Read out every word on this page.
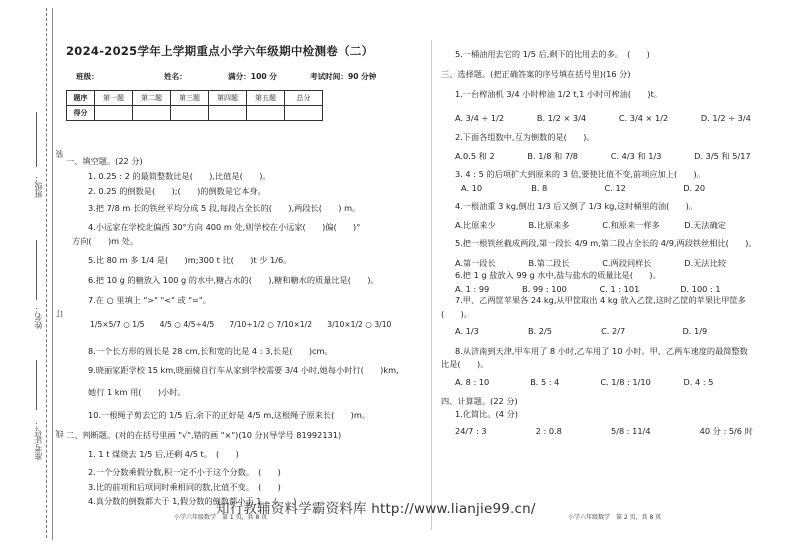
班级：
姓名：
准考证号：
装
订
线
2024-2025学年上学期重点小学六年级期中检测卷（二）
班级：	姓名：	满分：100 分	考试时间：90 分钟
题序	第一题	第二题	第三题	第四题	第五题	总分
得分						
一、填空题。(22 分)
1. 0.25 : 2 的最简整数比是(　　),比值是(　　)。
2. 0.25 的倒数是(　　);(　　)的倒数是它本身。
3.把 7/8 m 长的铁丝平均分成 5 段,每段占全长的(　　),两段长(　　) m。
4.小远家在学校北偏西 30°方向 400 m 处,则学校在小远家(　　)偏(　　)°
方向(　　)m 处。
5.比 80 m 多 1/4 是(　　)m;300 t 比(　　)t 少 1/6。
6.把 10 g 的糖放入 100 g 的水中,糖占水的(　　),糖和糖水的质量比是(　　)。
7.在 ○ 里填上 ">" "<" 或 "="。
1/5×5/7 ○ 1/5　　4/5 ○ 4/5÷4/5　　7/10÷1/2 ○ 7/10×1/2　　3/10×1/2 ○ 3/10
8.一个长方形的周长是 28 cm,长和宽的比是 4 : 3,长是(　　)cm。
9.晓丽家距学校 15 km,晓丽骑自行车从家到学校需要 3/4 小时,她每小时行(　　)km,
她行 1 km 用(　　)小时。
10.一根绳子剪去它的 1/5 后,余下的正好是 4/5 m,这根绳子原来长(　　)m。
二、判断题。(对的在括号里画 "√",错的画 "×")(10 分)(导学号 81992131)
1. 1 t 煤烧去 1/5 后,还剩 4/5 t。　(　　)
2.一个分数乘假分数,积一定不小于这个分数。　(　　)
3.比的前项和后项同时乘相同的数,比值不变。　(　　)
4.真分数的倒数都大于 1,假分数的倒数都小于 1。　(　　)
5.一桶油用去它的 1/5 后,剩下的比用去的多。　(　　)
三、选择题。(把正确答案的序号填在括号里)(16 分)
1.一台榨油机 3/4 小时榨油 1/2 t,1 小时可榨油(　　)t。
A. 3/4 ÷ 1/2　　　　B. 1/2 × 3/4　　　　C. 3/4 × 1/2　　　　D. 1/2 ÷ 3/4
2.下面各组数中,互为倒数的是(　　)。
A.0.5 和 2　　　　B. 1/8 和 7/8　　　　C. 4/3 和 1/3　　　　D. 3/5 和 5/17
3. 4 : 5 的后项扩大到原来的 3 倍,要使比值不变,前项应加上(　　)。
A. 10　　　　　　B. 8　　　　　　　C. 12　　　　　　　D. 20
4.一根油重 3 kg,倒出 1/3 后又倒了 1/3 kg,这时桶里的油(　　)。
A.比原来少　　　　B.比原来多　　　　C.和原来一样多　　　D.无法确定
5.把一根铁丝截成两段,第一段长 4/9 m,第二段占全长的 4/9,两段铁丝相比(　　)。
A.第一段长　　　　B.第二段长　　　　C.两段同样长　　　　D.无法比较
6.把 1 g 盐放入 99 g 水中,盐与盐水的质量比是(　　)。
A. 1 : 99　　　　B. 99 : 100　　　　C. 1 : 101　　　　　D. 100 : 1
7.甲、乙两筐苹果各 24 kg,从甲筐取出 4 kg 放入乙筐,这时乙筐的苹果比甲筐多
(　　)。
A. 1/3　　　　　　B. 2/5　　　　　　C. 2/7　　　　　　　D. 1/9
8.从济南到天津,甲车用了 8 小时,乙车用了 10 小时。甲、乙两车速度的最简整数
比是(　　)。
A. 8 : 10　　　　　B. 5 : 4　　　　　C. 1/8 : 1/10　　　　D. 4 : 5
四、计算题。(22 分)
1.化简比。(4 分)
24/7 : 3　　　　　　2 : 0.8　　　　　　5/8 : 11/4　　　　　　40 分 : 5/6 时
小学六年级数学　第 1 页，共 8 页	小学六年级数学　第 2 页，共 8 页
知行教辅资料学霸资料库 http://www.lianjie99.cn/
